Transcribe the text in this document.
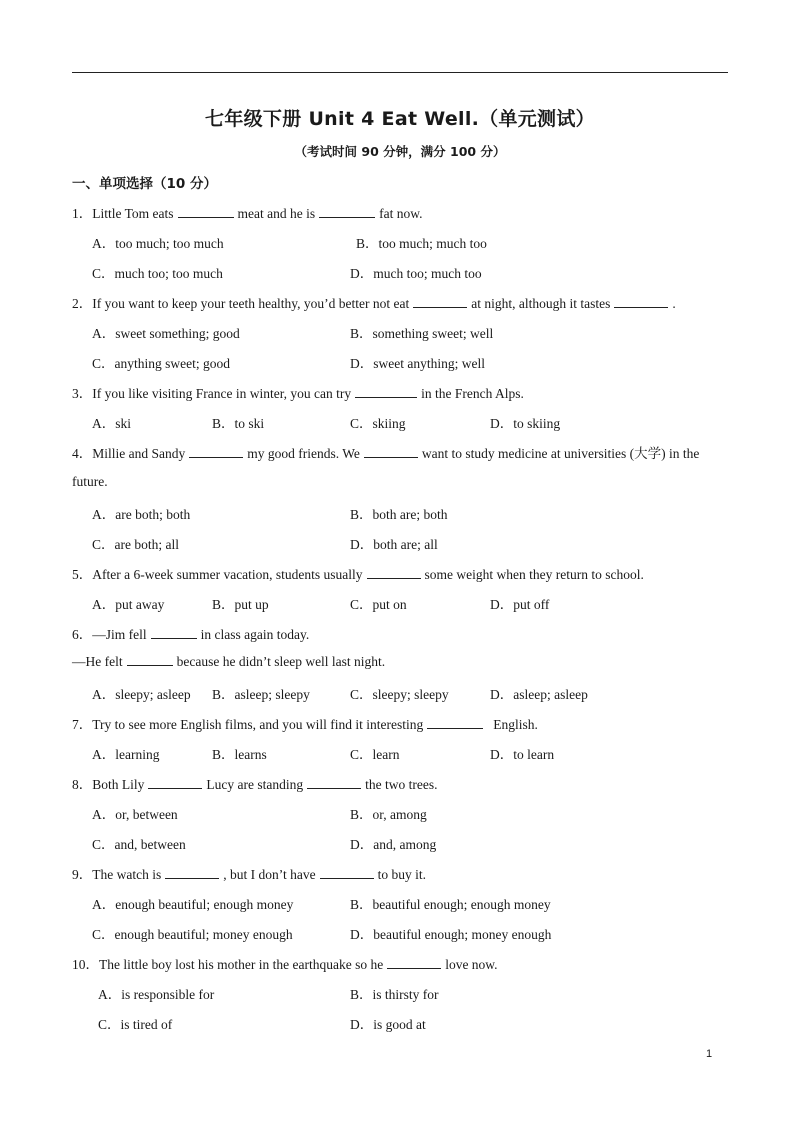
七年级下册 Unit 4 Eat Well.（单元测试）
（考试时间 90 分钟，满分 100 分）
一、单项选择（10 分）
1．Little Tom eats	meat and he is	fat now.
A．too much; too much	B．too much; much too
C．much too; too much	D．much too; much too
2．If you want to keep your teeth healthy, you’d better not eat	at night, although it tastes	.
A．sweet something; good	B．something sweet; well
C．anything sweet; good	D．sweet anything; well
3．If you like visiting France in winter, you can try	in the French Alps.
A．ski	B．to ski	C．skiing	D．to skiing
4．Millie and Sandy	my good friends. We	want to study medicine at universities (大学) in the
future.
A．are both; both	B．both are; both
C．are both; all	D．both are; all
5．After a 6-week summer vacation, students usually	some weight when they return to school.
A．put away	B．put up	C．put on	D．put off
6．—Jim fell	in class again today.
—He felt	because he didn’t sleep well last night.
A．sleepy; asleep B．asleep; sleepy	C．sleepy; sleepy	D．asleep; asleep
7．Try to see more English films, and you will find it interesting	English.
A．learning	B．learns	C．learn	D．to learn
8．Both Lily	Lucy are standing	the two trees.
A．or, between	B．or, among
C．and, between	D．and, among
9．The watch is	, but I don’t have	to buy it.
A．enough beautiful; enough money	B．beautiful enough; enough money
C．enough beautiful; money enough	D．beautiful enough; money enough
10．The little boy lost his mother in the earthquake so he	love now.
A．is responsible for	B．is thirsty for
C．is tired of	D．is good at
1
